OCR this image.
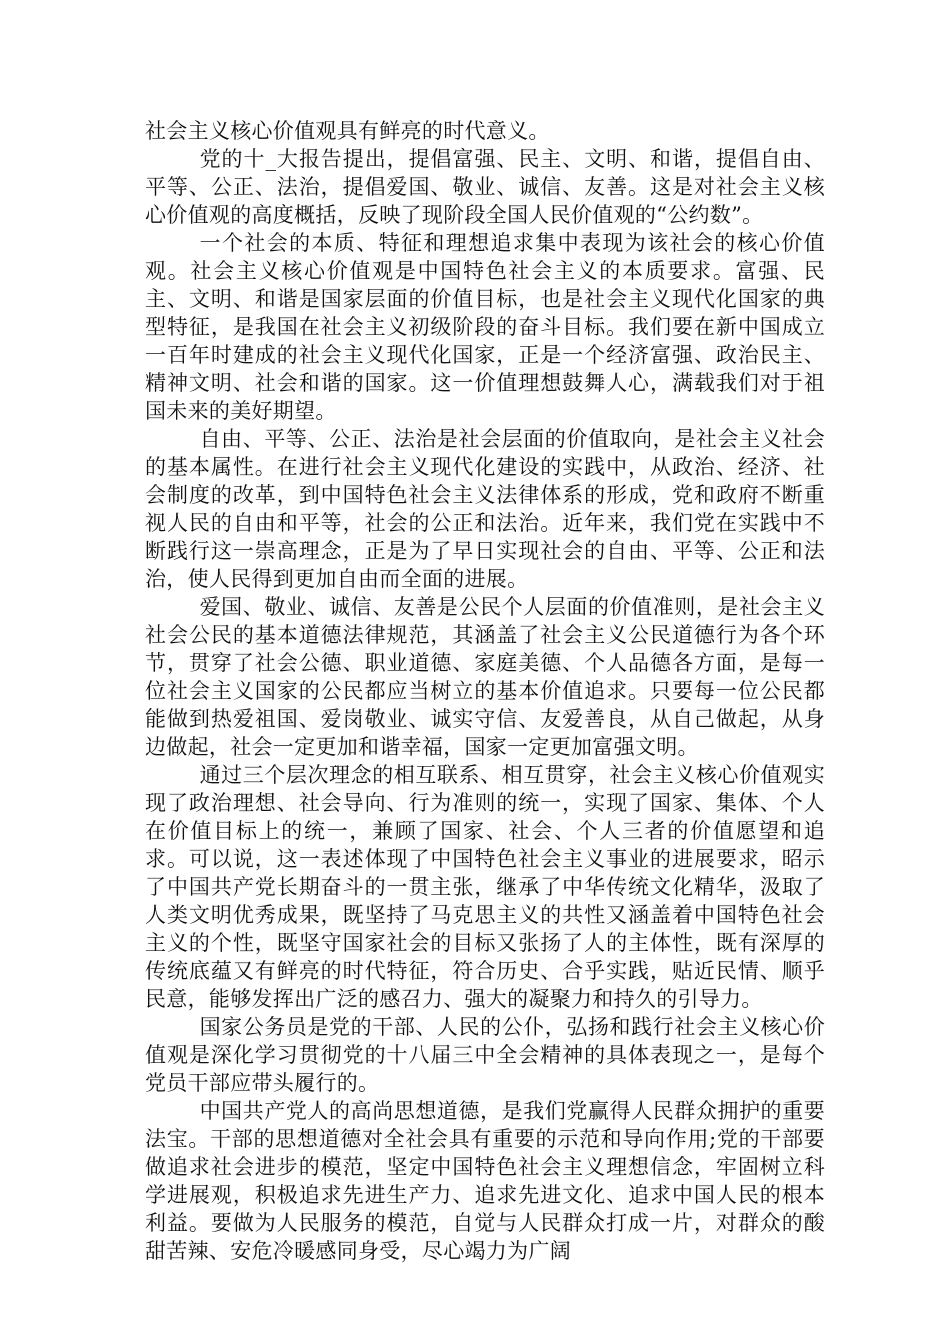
社会主义核心价值观具有鲜亮的时代意义。

党的十_大报告提出，提倡富强、民主、文明、和谐，提倡自由、平等、公正、法治，提倡爱国、敬业、诚信、友善。这是对社会主义核心价值观的高度概括，反映了现阶段全国人民价值观的“公约数”。

一个社会的本质、特征和理想追求集中表现为该社会的核心价值观。社会主义核心价值观是中国特色社会主义的本质要求。富强、民主、文明、和谐是国家层面的价值目标，也是社会主义现代化国家的典型特征，是我国在社会主义初级阶段的奋斗目标。我们要在新中国成立一百年时建成的社会主义现代化国家，正是一个经济富强、政治民主、精神文明、社会和谐的国家。这一价值理想鼓舞人心，满载我们对于祖国未来的美好期望。

自由、平等、公正、法治是社会层面的价值取向，是社会主义社会的基本属性。在进行社会主义现代化建设的实践中，从政治、经济、社会制度的改革，到中国特色社会主义法律体系的形成，党和政府不断重视人民的自由和平等，社会的公正和法治。近年来，我们党在实践中不断践行这一崇高理念，正是为了早日实现社会的自由、平等、公正和法治，使人民得到更加自由而全面的进展。

爱国、敬业、诚信、友善是公民个人层面的价值准则，是社会主义社会公民的基本道德法律规范，其涵盖了社会主义公民道德行为各个环节，贯穿了社会公德、职业道德、家庭美德、个人品德各方面，是每一位社会主义国家的公民都应当树立的基本价值追求。只要每一位公民都能做到热爱祖国、爱岗敬业、诚实守信、友爱善良，从自己做起，从身边做起，社会一定更加和谐幸福，国家一定更加富强文明。

通过三个层次理念的相互联系、相互贯穿，社会主义核心价值观实现了政治理想、社会导向、行为准则的统一，实现了国家、集体、个人在价值目标上的统一，兼顾了国家、社会、个人三者的价值愿望和追求。可以说，这一表述体现了中国特色社会主义事业的进展要求，昭示了中国共产党长期奋斗的一贯主张，继承了中华传统文化精华，汲取了人类文明优秀成果，既坚持了马克思主义的共性又涵盖着中国特色社会主义的个性，既坚守国家社会的目标又张扬了人的主体性，既有深厚的传统底蕴又有鲜亮的时代特征，符合历史、合乎实践，贴近民情、顺乎民意，能够发挥出广泛的感召力、强大的凝聚力和持久的引导力。

国家公务员是党的干部、人民的公仆，弘扬和践行社会主义核心价值观是深化学习贯彻党的十八届三中全会精神的具体表现之一，是每个党员干部应带头履行的。

中国共产党人的高尚思想道德，是我们党赢得人民群众拥护的重要法宝。干部的思想道德对全社会具有重要的示范和导向作用;党的干部要做追求社会进步的模范，坚定中国特色社会主义理想信念，牢固树立科学进展观，积极追求先进生产力、追求先进文化、追求中国人民的根本利益。要做为人民服务的模范，自觉与人民群众打成一片，对群众的酸甜苦辣、安危冷暖感同身受，尽心竭力为广阔
